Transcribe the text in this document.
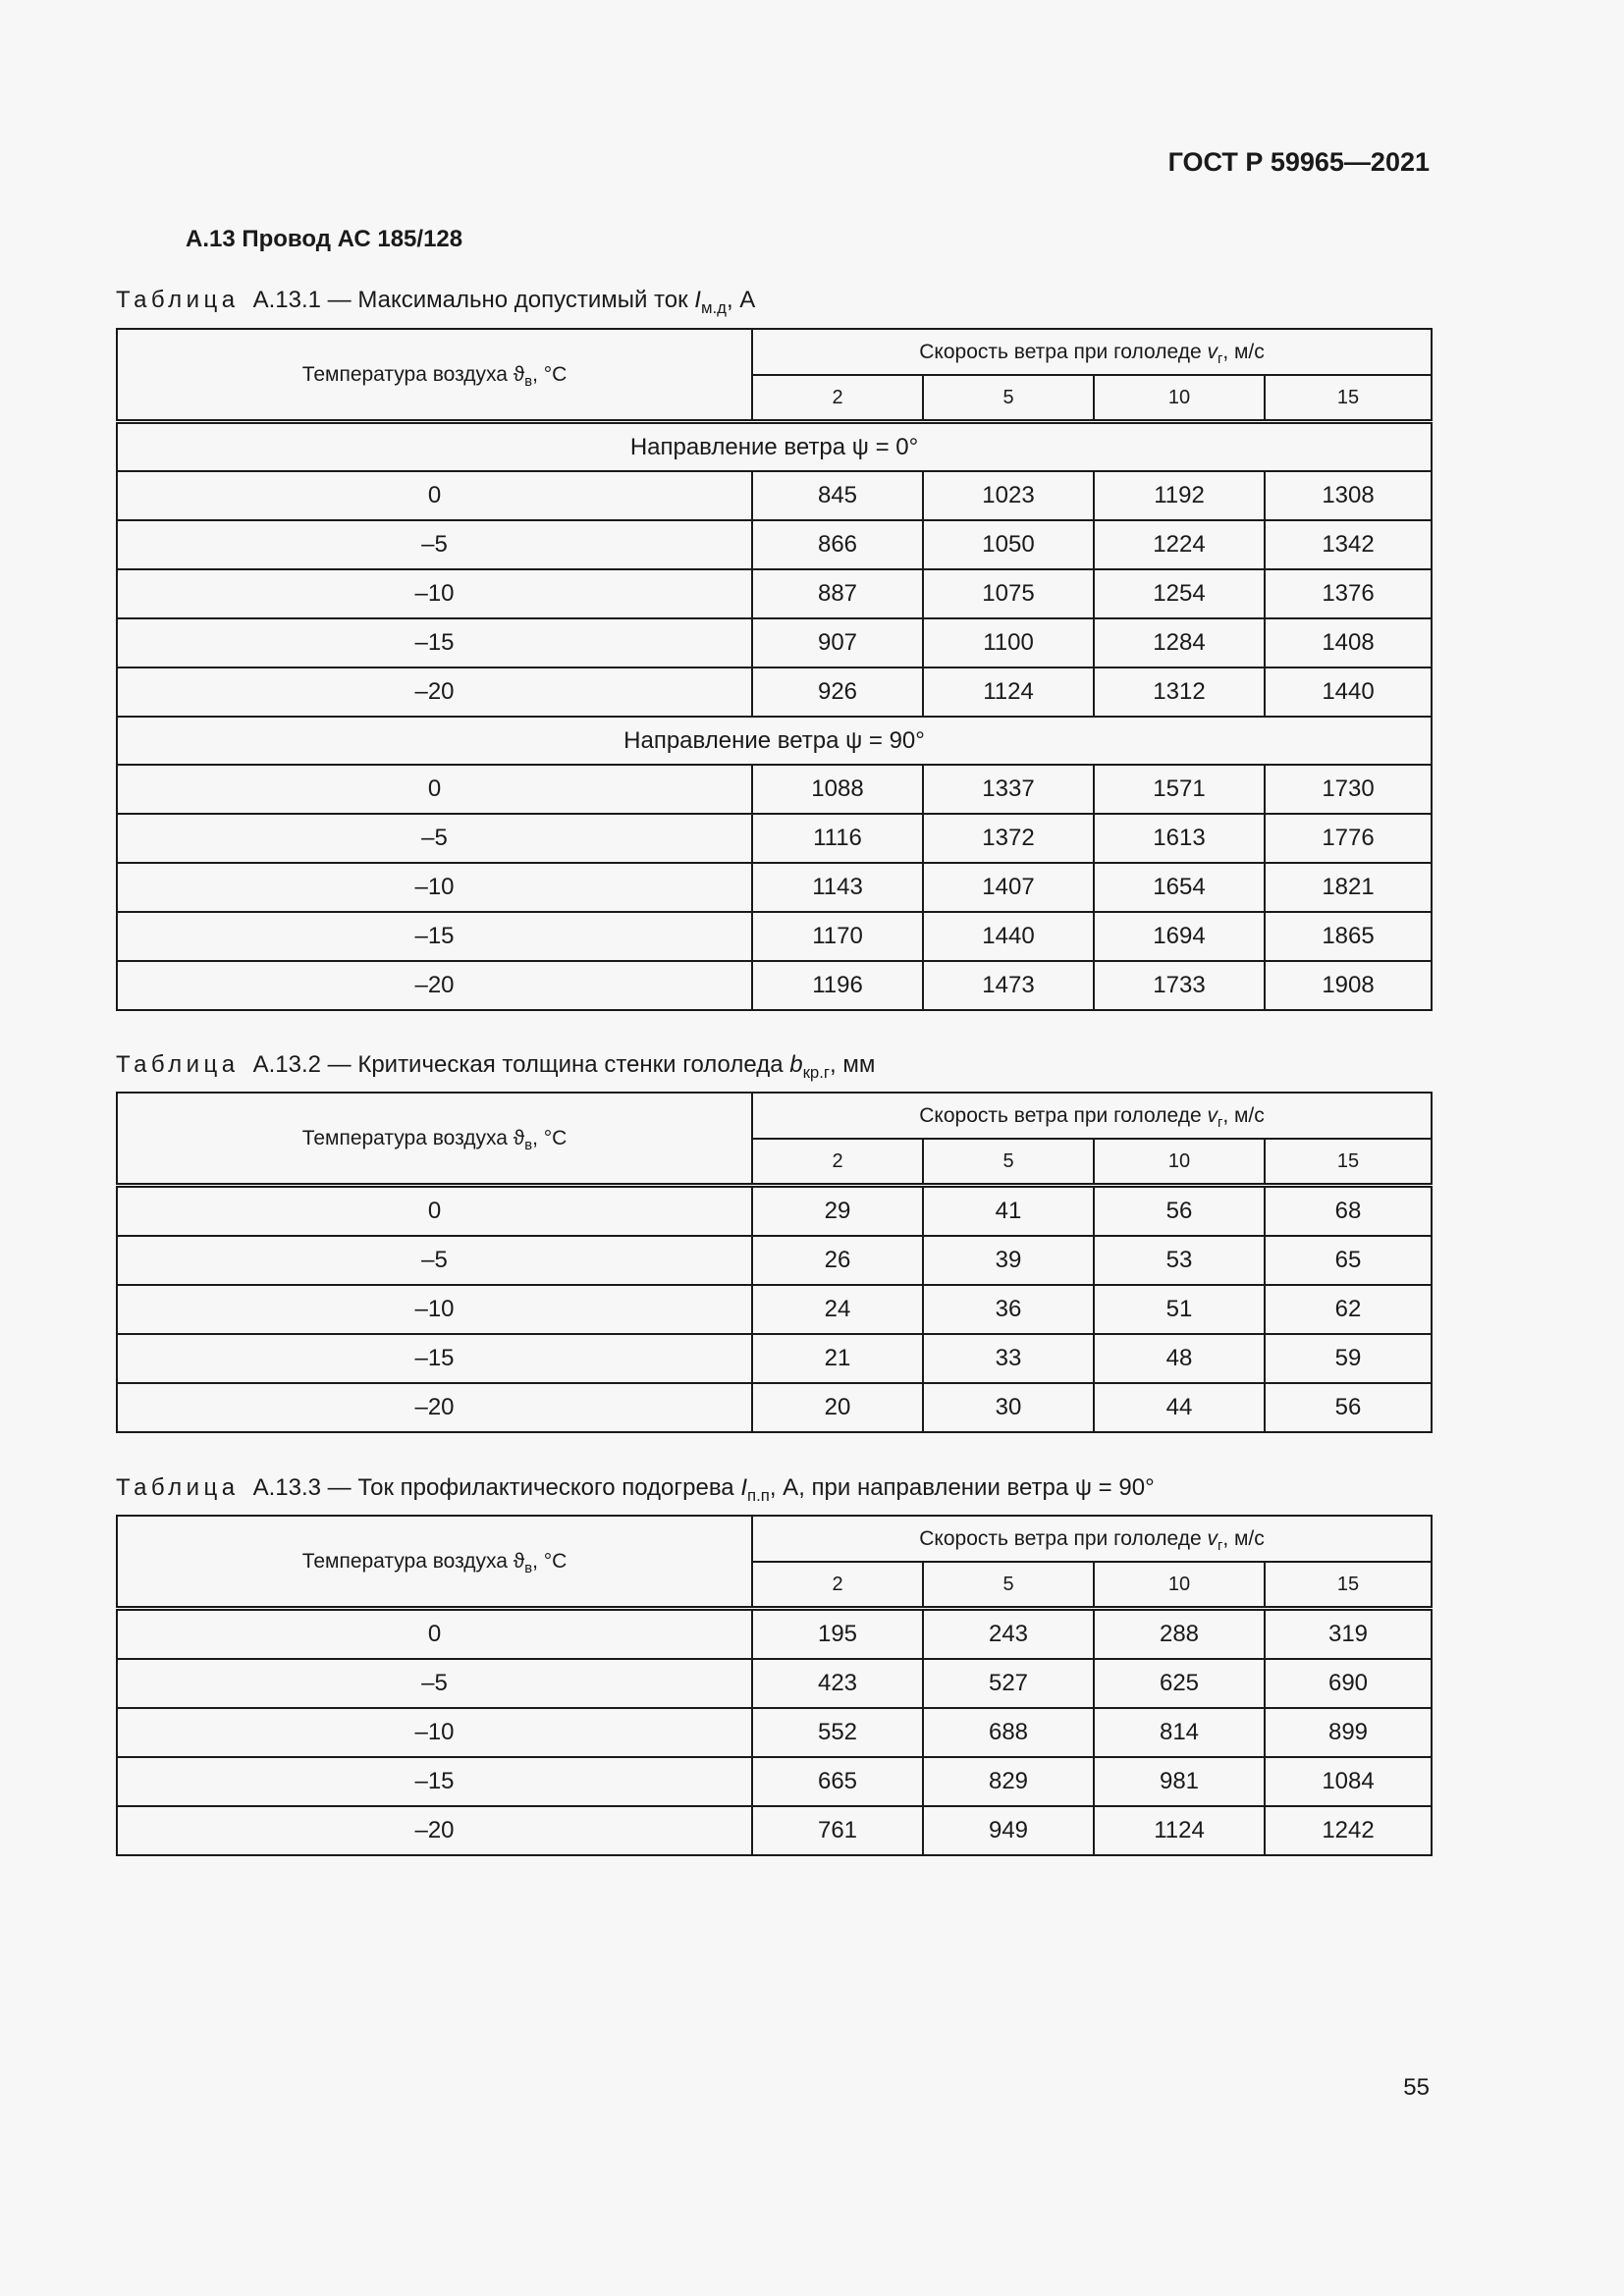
ГОСТ Р 59965—2021
А.13 Провод АС 185/128
Таблица А.13.1 — Максимально допустимый ток $I_{м.д}$, А
Температура воздуха $ϑ_в$, °С	Скорость ветра при гололеде $v_г$, м/с			
	2	5	10	15
Направление ветра ψ = 0°				
0	845	1023	1192	1308
–5	866	1050	1224	1342
–10	887	1075	1254	1376
–15	907	1100	1284	1408
–20	926	1124	1312	1440
Направление ветра ψ = 90°				
0	1088	1337	1571	1730
–5	1116	1372	1613	1776
–10	1143	1407	1654	1821
–15	1170	1440	1694	1865
–20	1196	1473	1733	1908
Таблица А.13.2 — Критическая толщина стенки гололеда $b_{кр.г}$, мм
Температура воздуха $ϑ_в$, °С	Скорость ветра при гололеде $v_г$, м/с			
	2	5	10	15
0	29	41	56	68
–5	26	39	53	65
–10	24	36	51	62
–15	21	33	48	59
–20	20	30	44	56
Таблица А.13.3 — Ток профилактического подогрева $I_{п.п}$, А, при направлении ветра ψ = 90°
Температура воздуха $ϑ_в$, °С	Скорость ветра при гололеде $v_г$, м/с			
	2	5	10	15
0	195	243	288	319
–5	423	527	625	690
–10	552	688	814	899
–15	665	829	981	1084
–20	761	949	1124	1242
55
